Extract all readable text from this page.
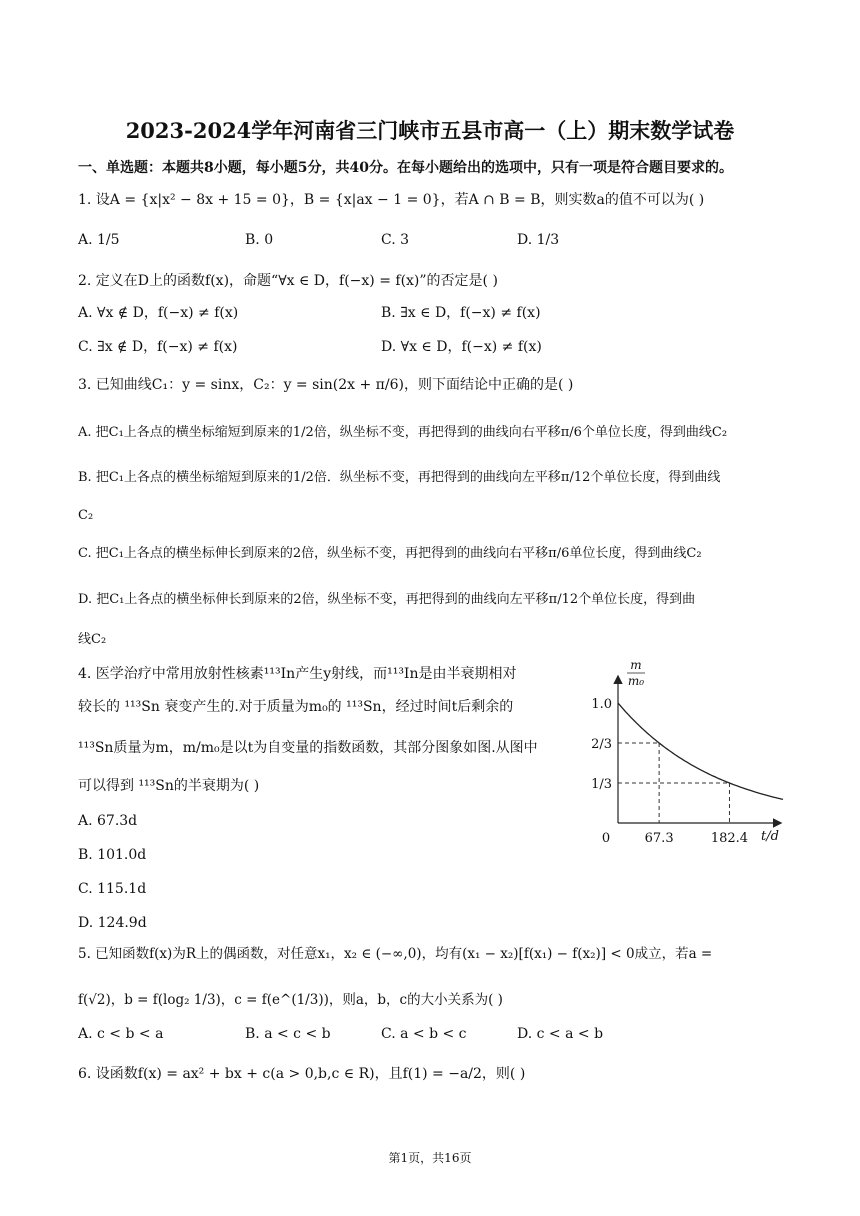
2023-2024学年河南省三门峡市五县市高一（上）期末数学试卷
一、单选题：本题共8小题，每小题5分，共40分。在每小题给出的选项中，只有一项是符合题目要求的。
1. 设A = {x|x² − 8x + 15 = 0}，B = {x|ax − 1 = 0}，若A ∩ B = B，则实数a的值不可以为( )
A. 1/5	B. 0	C. 3	D. 1/3
2. 定义在D上的函数f(x)，命题“∀x ∈ D，f(−x) = f(x)”的否定是( )
A. ∀x ∉ D，f(−x) ≠ f(x)	B. ∃x ∈ D，f(−x) ≠ f(x)
C. ∃x ∉ D，f(−x) ≠ f(x)	D. ∀x ∈ D，f(−x) ≠ f(x)
3. 已知曲线C₁：y = sinx，C₂：y = sin(2x + π/6)，则下面结论中正确的是( )
A. 把C₁上各点的横坐标缩短到原来的1/2倍，纵坐标不变，再把得到的曲线向右平移π/6个单位长度，得到曲线C₂
B. 把C₁上各点的横坐标缩短到原来的1/2倍．纵坐标不变，再把得到的曲线向左平移π/12个单位长度，得到曲线
C₂
C. 把C₁上各点的横坐标伸长到原来的2倍，纵坐标不变，再把得到的曲线向右平移π/6单位长度，得到曲线C₂
D. 把C₁上各点的横坐标伸长到原来的2倍，纵坐标不变，再把得到的曲线向左平移π/12个单位长度，得到曲
线C₂
4. 医学治疗中常用放射性核素¹¹³In产生y射线，而¹¹³In是由半衰期相对
较长的 ¹¹³Sn 衰变产生的.对于质量为m₀的 ¹¹³Sn，经过时间t后剩余的
¹¹³Sn质量为m，m/m₀是以t为自变量的指数函数，其部分图象如图.从图中
可以得到 ¹¹³Sn的半衰期为( )
A. 67.3d
B. 101.0d
C. 115.1d
D. 124.9d
m
m₀
t/d
0
1.0
2/3
1/3
67.3	182.4
5. 已知函数f(x)为R上的偶函数，对任意x₁，x₂ ∈ (−∞,0)，均有(x₁ − x₂)[f(x₁) − f(x₂)] < 0成立，若a =
f(√2)，b = f(log₂ 1/3)，c = f(e^(1/3))，则a，b，c的大小关系为( )
A. c < b < a	B. a < c < b	C. a < b < c	D. c < a < b
6. 设函数f(x) = ax² + bx + c(a > 0,b,c ∈ R)，且f(1) = −a/2，则( )
第1页，共16页
